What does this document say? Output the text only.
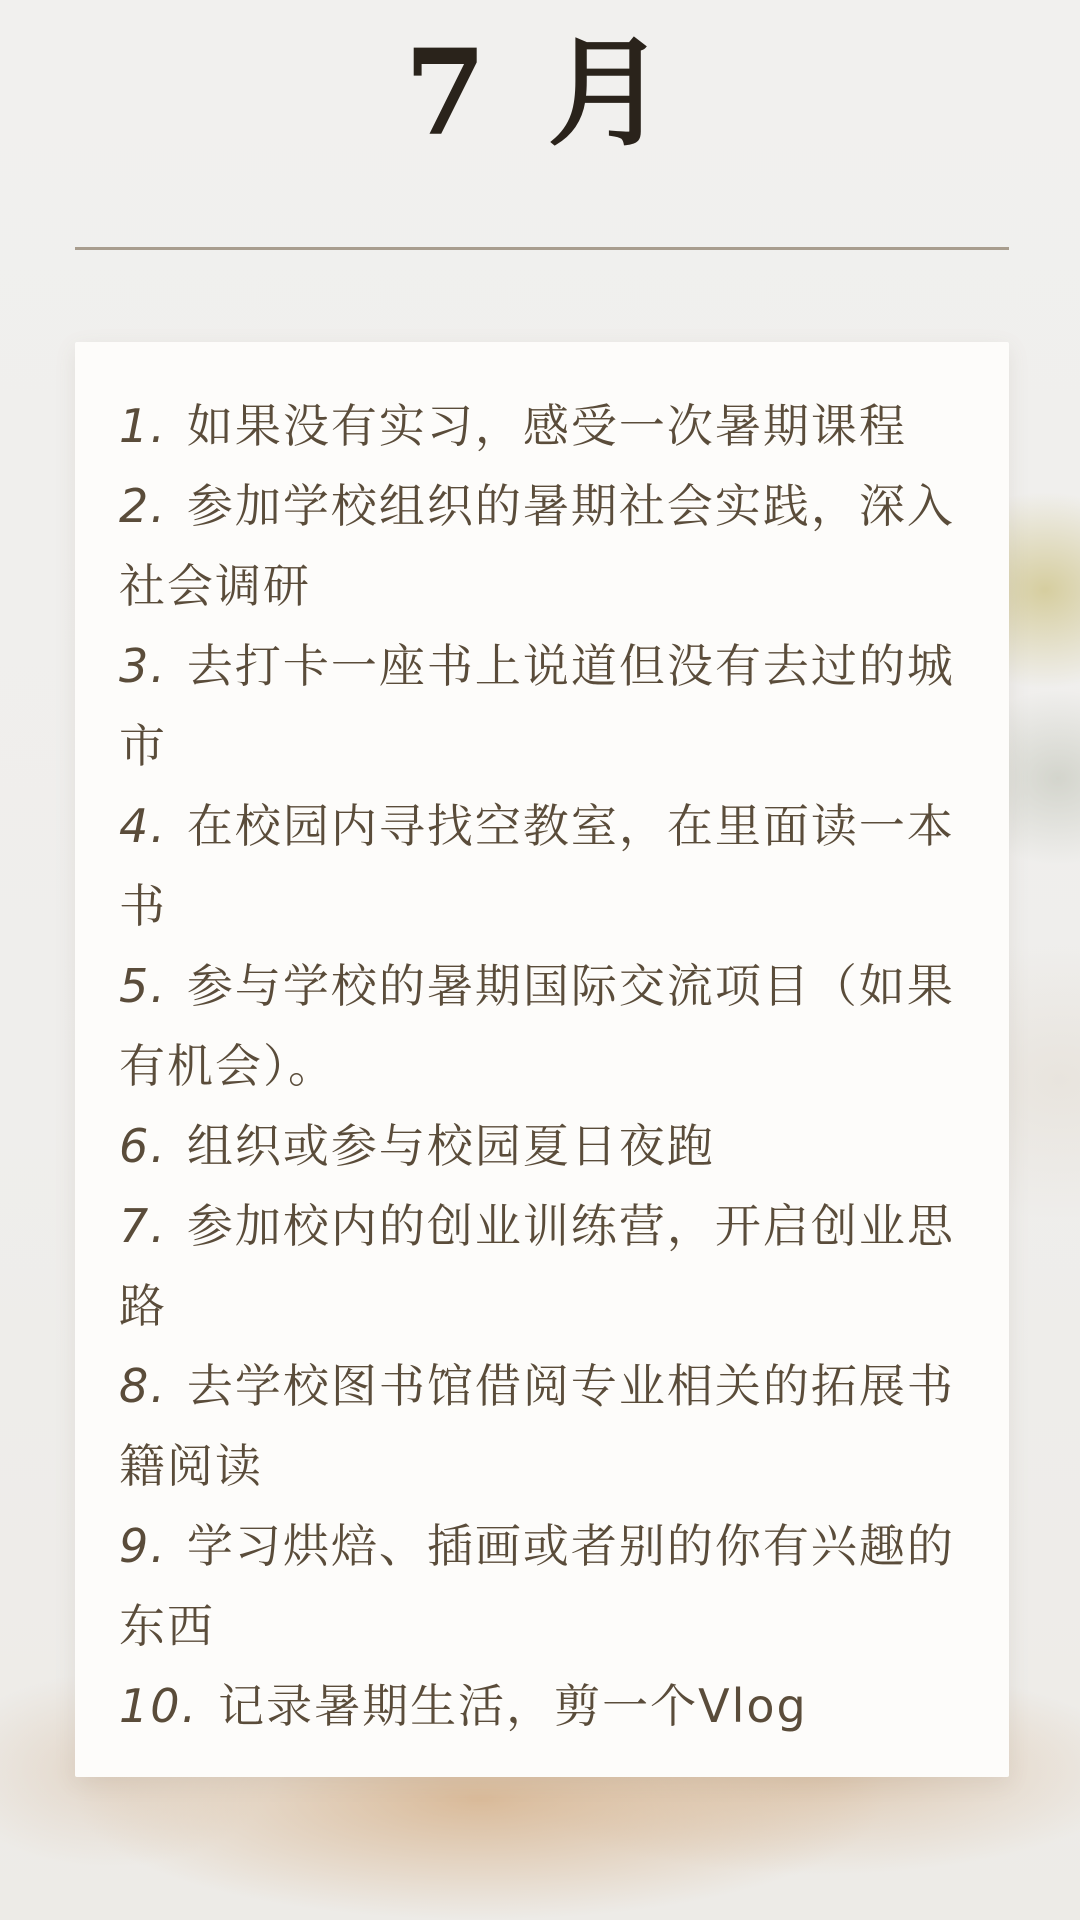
7 月
1. 如果没有实习，感受一次暑期课程
2. 参加学校组织的暑期社会实践，深入社会调研
3. 去打卡一座书上说道但没有去过的城市
4. 在校园内寻找空教室，在里面读一本书
5. 参与学校的暑期国际交流项目（如果有机会）。
6. 组织或参与校园夏日夜跑
7. 参加校内的创业训练营，开启创业思路
8. 去学校图书馆借阅专业相关的拓展书籍阅读
9. 学习烘焙、插画或者别的你有兴趣的东西
10. 记录暑期生活，剪一个Vlog
